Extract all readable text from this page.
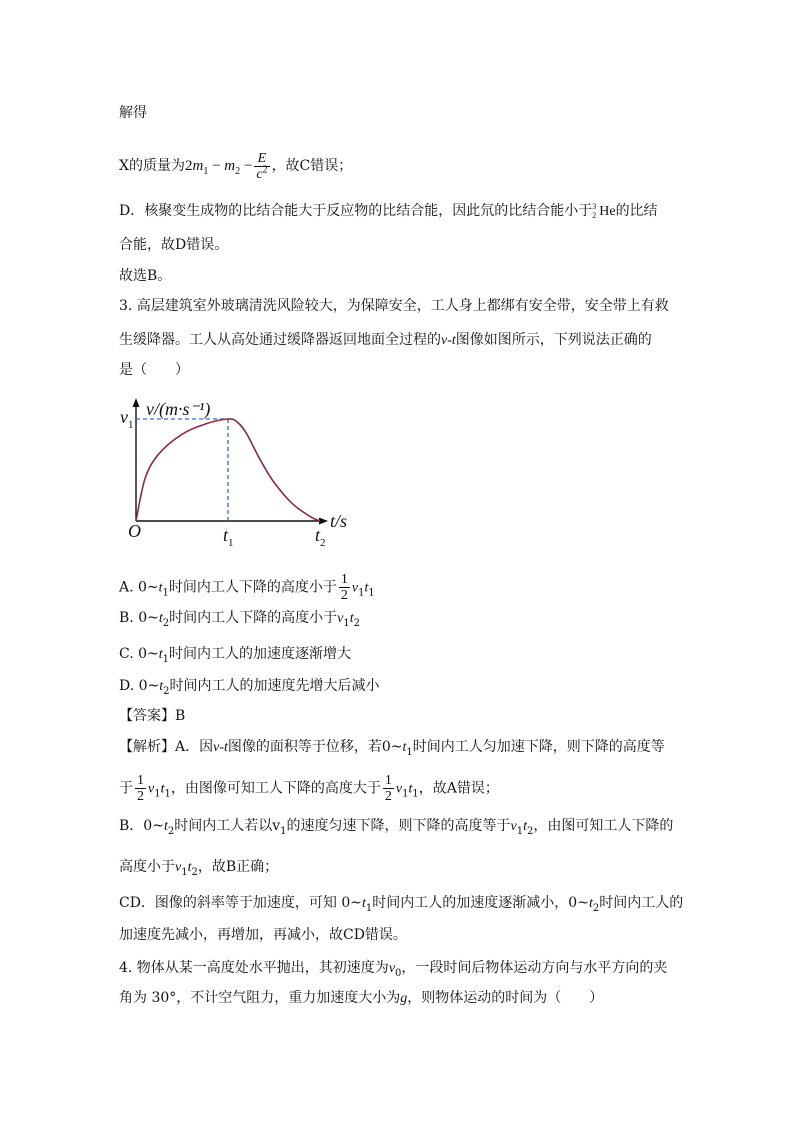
解得
X的质量为$2m_1 - m_2 - \frac{E}{c^2}$ ，故C错误；
D．核聚变生成物的比结合能大于反应物的比结合能，因此氘的比结合能小于 3
2 He的比结
合能，故D错误。
故选B。
3. 高层建筑室外玻璃清洗风险较大，为保障安全，工人身上都绑有安全带，安全带上有救
生缓降器。工人从高处通过缓降器返回地面全过程的v-t图像如图所示，下列说法正确的
是（　　）
v/(m·s⁻¹)
t/s
O	$t_1$	$t_2$
$v_1$
A. $0\sim t_1$时间内工人下降的高度小于 $\frac{1}{2} v_1t_1$
B. $0\sim t_2$时间内工人下降的高度小于$v_1t_2$
C. $0\sim t_1$时间内工人的加速度逐渐增大
D. $0\sim t_2$时间内工人的加速度先增大后减小
【答案】B
【解析】A．因v-t图像的面积等于位移，若$0\sim t_1$时间内工人匀加速下降，则下降的高度等
于 $\frac{1}{2} v_1t_1$，由图像可知工人下降的高度大于 $\frac{1}{2} v_1t_1$，故A错误；
B．$0\sim t_2$时间内工人若以$v_1$的速度匀速下降，则下降的高度等于$v_1t_2$，由图可知工人下降的
高度小于$v_1t_2$，故B正确；
CD．图像的斜率等于加速度，可知 $0\sim t_1$时间内工人的加速度逐渐减小，$0\sim t_2$时间内工人的
加速度先减小，再增加，再减小，故CD错误。
4. 物体从某一高度处水平抛出，其初速度为$v_0$，一段时间后物体运动方向与水平方向的夹
角为 30°，不计空气阻力，重力加速度大小为g，则物体运动的时间为（　　）
